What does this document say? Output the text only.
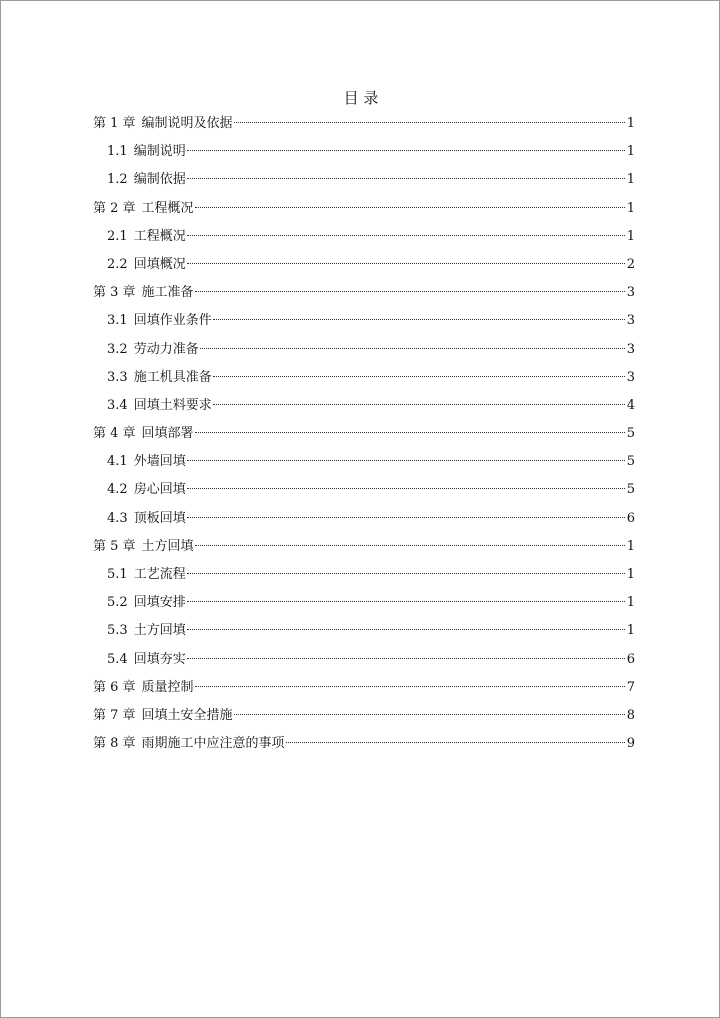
目 录
第 1 章 编制说明及依据	1
1.1 编制说明	1
1.2 编制依据	1
第 2 章 工程概况	1
2.1 工程概况	1
2.2 回填概况	2
第 3 章 施工准备	3
3.1 回填作业条件	3
3.2 劳动力准备	3
3.3 施工机具准备	3
3.4 回填土料要求	4
第 4 章 回填部署	5
4.1 外墙回填	5
4.2 房心回填	5
4.3 顶板回填	6
第 5 章 土方回填	1
5.1 工艺流程	1
5.2 回填安排	1
5.3 土方回填	1
5.4 回填夯实	6
第 6 章 质量控制	7
第 7 章 回填土安全措施	8
第 8 章 雨期施工中应注意的事项	9
